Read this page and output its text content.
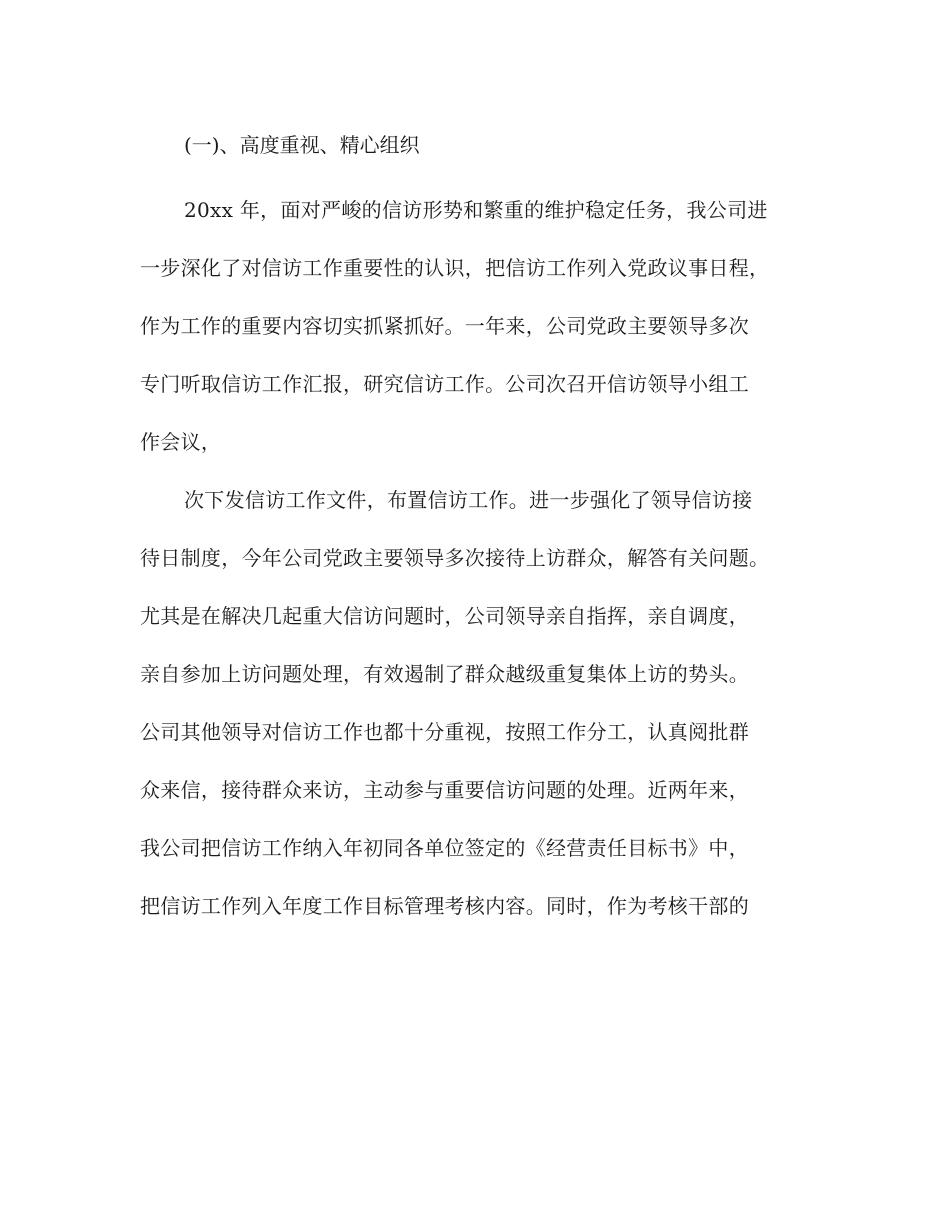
(一)、高度重视、精心组织

20xx 年，面对严峻的信访形势和繁重的维护稳定任务，我公司进
一步深化了对信访工作重要性的认识，把信访工作列入党政议事日程，
作为工作的重要内容切实抓紧抓好。一年来，公司党政主要领导多次
专门听取信访工作汇报，研究信访工作。公司次召开信访领导小组工
作会议，

次下发信访工作文件，布置信访工作。进一步强化了领导信访接
待日制度，今年公司党政主要领导多次接待上访群众，解答有关问题。
尤其是在解决几起重大信访问题时，公司领导亲自指挥，亲自调度，
亲自参加上访问题处理，有效遏制了群众越级重复集体上访的势头。
公司其他领导对信访工作也都十分重视，按照工作分工，认真阅批群
众来信，接待群众来访，主动参与重要信访问题的处理。近两年来，
我公司把信访工作纳入年初同各单位签定的《经营责任目标书》中，
把信访工作列入年度工作目标管理考核内容。同时，作为考核干部的
